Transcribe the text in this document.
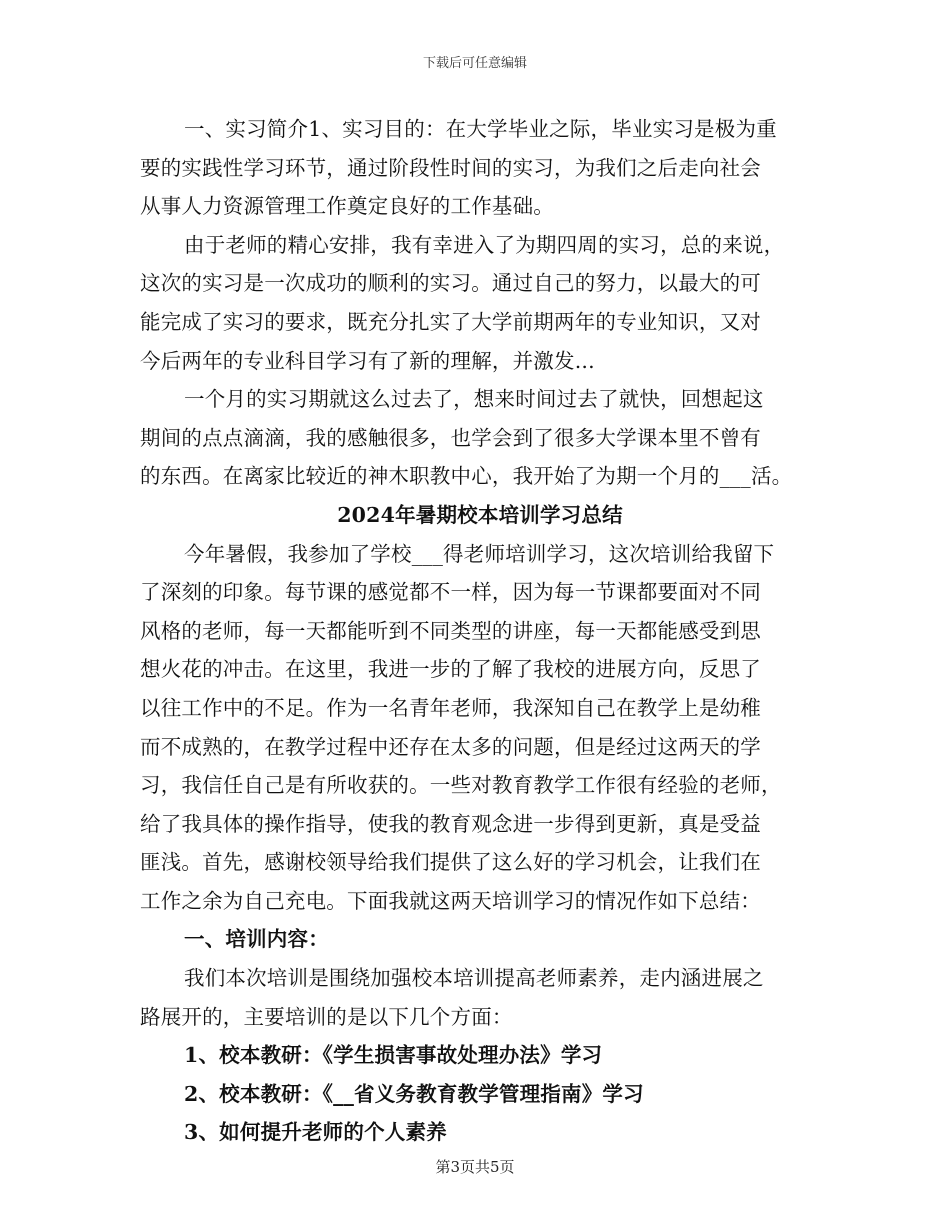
下载后可任意编辑
一、实习简介1、实习目的：在大学毕业之际，毕业实习是极为重
要的实践性学习环节，通过阶段性时间的实习，为我们之后走向社会
从事人力资源管理工作奠定良好的工作基础。
由于老师的精心安排，我有幸进入了为期四周的实习，总的来说，
这次的实习是一次成功的顺利的实习。通过自己的努力，以最大的可
能完成了实习的要求，既充分扎实了大学前期两年的专业知识，又对
今后两年的专业科目学习有了新的理解，并激发...
一个月的实习期就这么过去了，想来时间过去了就快，回想起这
期间的点点滴滴，我的感触很多，也学会到了很多大学课本里不曾有
的东西。在离家比较近的神木职教中心，我开始了为期一个月的___活。
2024年暑期校本培训学习总结
今年暑假，我参加了学校___得老师培训学习，这次培训给我留下
了深刻的印象。每节课的感觉都不一样，因为每一节课都要面对不同
风格的老师，每一天都能听到不同类型的讲座，每一天都能感受到思
想火花的冲击。在这里，我进一步的了解了我校的进展方向，反思了
以往工作中的不足。作为一名青年老师，我深知自己在教学上是幼稚
而不成熟的，在教学过程中还存在太多的问题，但是经过这两天的学
习，我信任自己是有所收获的。一些对教育教学工作很有经验的老师，
给了我具体的操作指导，使我的教育观念进一步得到更新，真是受益
匪浅。首先，感谢校领导给我们提供了这么好的学习机会，让我们在
工作之余为自己充电。下面我就这两天培训学习的情况作如下总结：
一、培训内容：
我们本次培训是围绕加强校本培训提高老师素养，走内涵进展之
路展开的，主要培训的是以下几个方面：
1、校本教研：《学生损害事故处理办法》学习
2、校本教研：《__省义务教育教学管理指南》学习
3、如何提升老师的个人素养
第3页共5页
